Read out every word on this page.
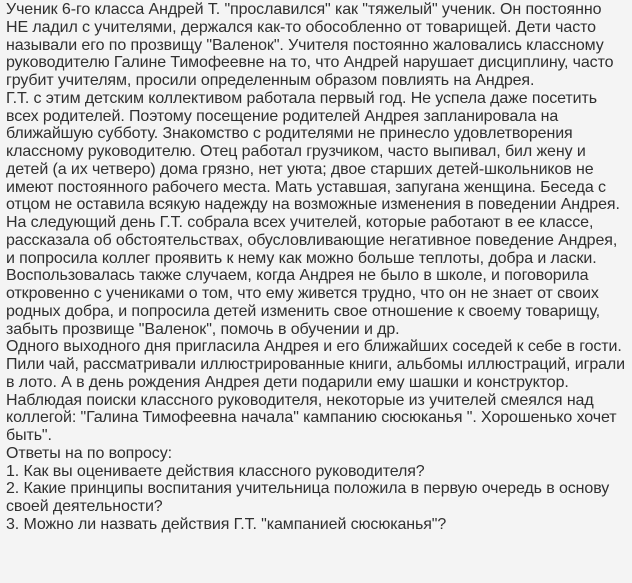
Ученик 6-го класса Андрей Т. "прославился" как "тяжелый" ученик. Он постоянно НЕ ладил с учителями, держался как-то обособленно от товарищей. Дети часто называли его по прозвищу "Валенок". Учителя постоянно жаловались классному руководителю Галине Тимофеевне на то, что Андрей нарушает дисциплину, часто грубит учителям, просили определенным образом повлиять на Андрея.

Г.Т. с этим детским коллективом работала первый год. Не успела даже посетить всех родителей. Поэтому посещение родителей Андрея запланировала на ближайшую субботу. Знакомство с родителями не принесло удовлетворения классному руководителю. Отец работал грузчиком, часто выпивал, бил жену и детей (а их четверо) дома грязно, нет уюта; двое старших детей-школьников не имеют постоянного рабочего места. Мать уставшая, запугана женщина. Беседа с отцом не оставила всякую надежду на возможные изменения в поведении Андрея.

На следующий день Г.Т. собрала всех учителей, которые работают в ее классе, рассказала об обстоятельствах, обусловливающие негативное поведение Андрея, и попросила коллег проявить к нему как можно больше теплоты, добра и ласки. Воспользовалась также случаем, когда Андрея не было в школе, и поговорила откровенно с учениками о том, что ему живется трудно, что он не знает от своих родных добра, и попросила детей изменить свое отношение к своему товарищу, забыть прозвище "Валенок", помочь в обучении и др.

Одного выходного дня пригласила Андрея и его ближайших соседей к себе в гости. Пили чай, рассматривали иллюстрированные книги, альбомы иллюстраций, играли в лото. А в день рождения Андрея дети подарили ему шашки и конструктор.

Наблюдая поиски классного руководителя, некоторые из учителей смеялся над коллегой: "Галина Тимофеевна начала" кампанию сюсюканья ". Хорошенько хочет быть".

Ответы на по вопросу:

1. Как вы оцениваете действия классного руководителя?

2. Какие принципы воспитания учительница положила в первую очередь в основу своей деятельности?

3. Можно ли назвать действия Г.Т. "кампанией сюсюканья"?
